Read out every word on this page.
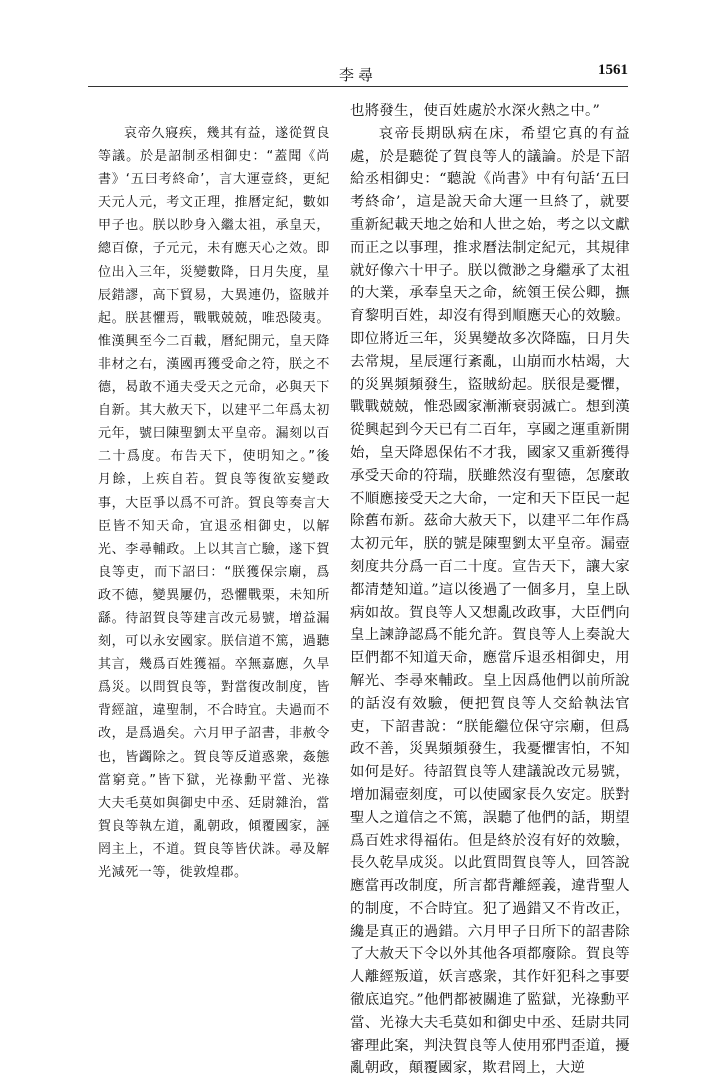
李尋	1561

哀帝久寢疾，幾其有益，遂從賀良等議。於是詔制丞相御史：“蓋聞《尚書》‘五曰考終命’，言大運壹終，更紀天元人元，考文正理，推曆定紀，數如甲子也。朕以眇身入繼太祖，承皇天，總百僚，子元元，未有應天心之效。即位出入三年，災變數降，日月失度，星辰錯謬，高下貿易，大異連仍，盜賊并起。朕甚懼焉，戰戰兢兢，唯恐陵夷。惟漢興至今二百載，曆紀開元，皇天降非材之右，漢國再獲受命之符，朕之不德，曷敢不通夫受天之元命，必與天下自新。其大赦天下，以建平二年爲太初元年，號曰陳聖劉太平皇帝。漏刻以百二十爲度。布告天下，使明知之。”後月餘，上疾自若。賀良等復欲妄變政事，大臣爭以爲不可許。賀良等奏言大臣皆不知天命，宜退丞相御史，以解光、李尋輔政。上以其言亡驗，遂下賀良等吏，而下詔曰：“朕獲保宗廟，爲政不德，變異屢仍，恐懼戰栗，未知所繇。待詔賀良等建言改元易號，增益漏刻，可以永安國家。朕信道不篤，過聽其言，幾爲百姓獲福。卒無嘉應，久旱爲災。以問賀良等，對當復改制度，皆背經誼，違聖制，不合時宜。夫過而不改，是爲過矣。六月甲子詔書，非赦令也，皆蠲除之。賀良等反道惑衆，姦態當窮竟。”皆下獄，光祿勳平當、光祿大夫毛莫如與御史中丞、廷尉雜治，當賀良等執左道，亂朝政，傾覆國家，誣罔主上，不道。賀良等皆伏誅。尋及解光減死一等，徙敦煌郡。

也將發生，使百姓處於水深火熱之中。”

哀帝長期臥病在床，希望它真的有益處，於是聽從了賀良等人的議論。於是下詔給丞相御史：“聽說《尚書》中有句話‘五曰考終命’，這是說天命大運一旦終了，就要重新紀載天地之始和人世之始，考之以文獻而正之以事理，推求曆法制定紀元，其規律就好像六十甲子。朕以微渺之身繼承了太祖的大業，承奉皇天之命，統領王侯公卿，撫育黎明百姓，却沒有得到順應天心的效驗。即位將近三年，災異變故多次降臨，日月失去常規，星辰運行紊亂，山崩而水枯竭，大的災異頻頻發生，盜賊紛起。朕很是憂懼，戰戰兢兢，惟恐國家漸漸衰弱滅亡。想到漢從興起到今天已有二百年，享國之運重新開始，皇天降恩保佑不才我，國家又重新獲得承受天命的符瑞，朕雖然沒有聖德，怎麼敢不順應接受天之大命，一定和天下臣民一起除舊布新。茲命大赦天下，以建平二年作爲太初元年，朕的號是陳聖劉太平皇帝。漏壺刻度共分爲一百二十度。宣告天下，讓大家都清楚知道。”這以後過了一個多月，皇上臥病如故。賀良等人又想亂改政事，大臣們向皇上諫諍認爲不能允許。賀良等人上奏說大臣們都不知道天命，應當斥退丞相御史，用解光、李尋來輔政。皇上因爲他們以前所說的話沒有效驗，便把賀良等人交給執法官吏，下詔書說：“朕能繼位保守宗廟，但爲政不善，災異頻頻發生，我憂懼害怕，不知如何是好。待詔賀良等人建議說改元易號，增加漏壺刻度，可以使國家長久安定。朕對聖人之道信之不篤，誤聽了他們的話，期望爲百姓求得福佑。但是終於沒有好的效驗，長久乾旱成災。以此質問賀良等人，回答說應當再改制度，所言都背離經義，違背聖人的制度，不合時宜。犯了過錯又不肯改正，纔是真正的過錯。六月甲子日所下的詔書除了大赦天下令以外其他各項都廢除。賀良等人離經叛道，妖言惑衆，其作奸犯科之事要徹底追究。”他們都被關進了監獄，光祿勳平當、光祿大夫毛莫如和御史中丞、廷尉共同審理此案，判決賀良等人使用邪門歪道，擾亂朝政，顛覆國家，欺君罔上，大逆
